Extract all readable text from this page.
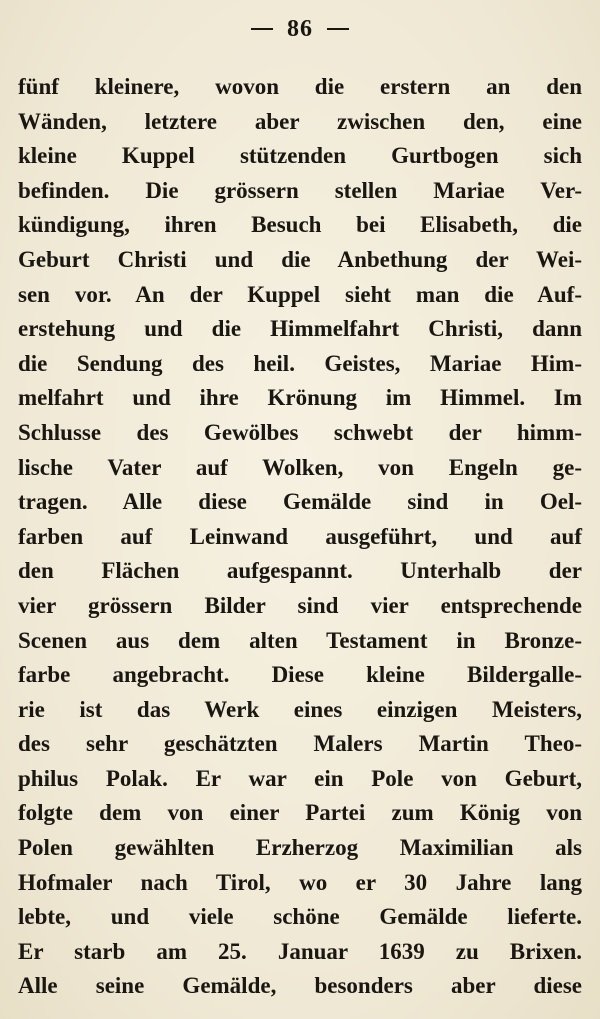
86
fünf kleinere, wovon die erstern an den
Wänden, letztere aber zwischen den, eine
kleine Kuppel stützenden Gurtbogen sich
befinden. Die grössern stellen Mariae Ver-
kündigung, ihren Besuch bei Elisabeth, die
Geburt Christi und die Anbethung der Wei-
sen vor. An der Kuppel sieht man die Auf-
erstehung und die Himmelfahrt Christi, dann
die Sendung des heil. Geistes, Mariae Him-
melfahrt und ihre Krönung im Himmel. Im
Schlusse des Gewölbes schwebt der himm-
lische Vater auf Wolken, von Engeln ge-
tragen. Alle diese Gemälde sind in Oel-
farben auf Leinwand ausgeführt, und auf
den Flächen aufgespannt. Unterhalb der
vier grössern Bilder sind vier entsprechende
Scenen aus dem alten Testament in Bronze-
farbe angebracht. Diese kleine Bildergalle-
rie ist das Werk eines einzigen Meisters,
des sehr geschätzten Malers Martin Theo-
philus Polak. Er war ein Pole von Geburt,
folgte dem von einer Partei zum König von
Polen gewählten Erzherzog Maximilian als
Hofmaler nach Tirol, wo er 30 Jahre lang
lebte, und viele schöne Gemälde lieferte.
Er starb am 25. Januar 1639 zu Brixen.
Alle seine Gemälde, besonders aber diese
